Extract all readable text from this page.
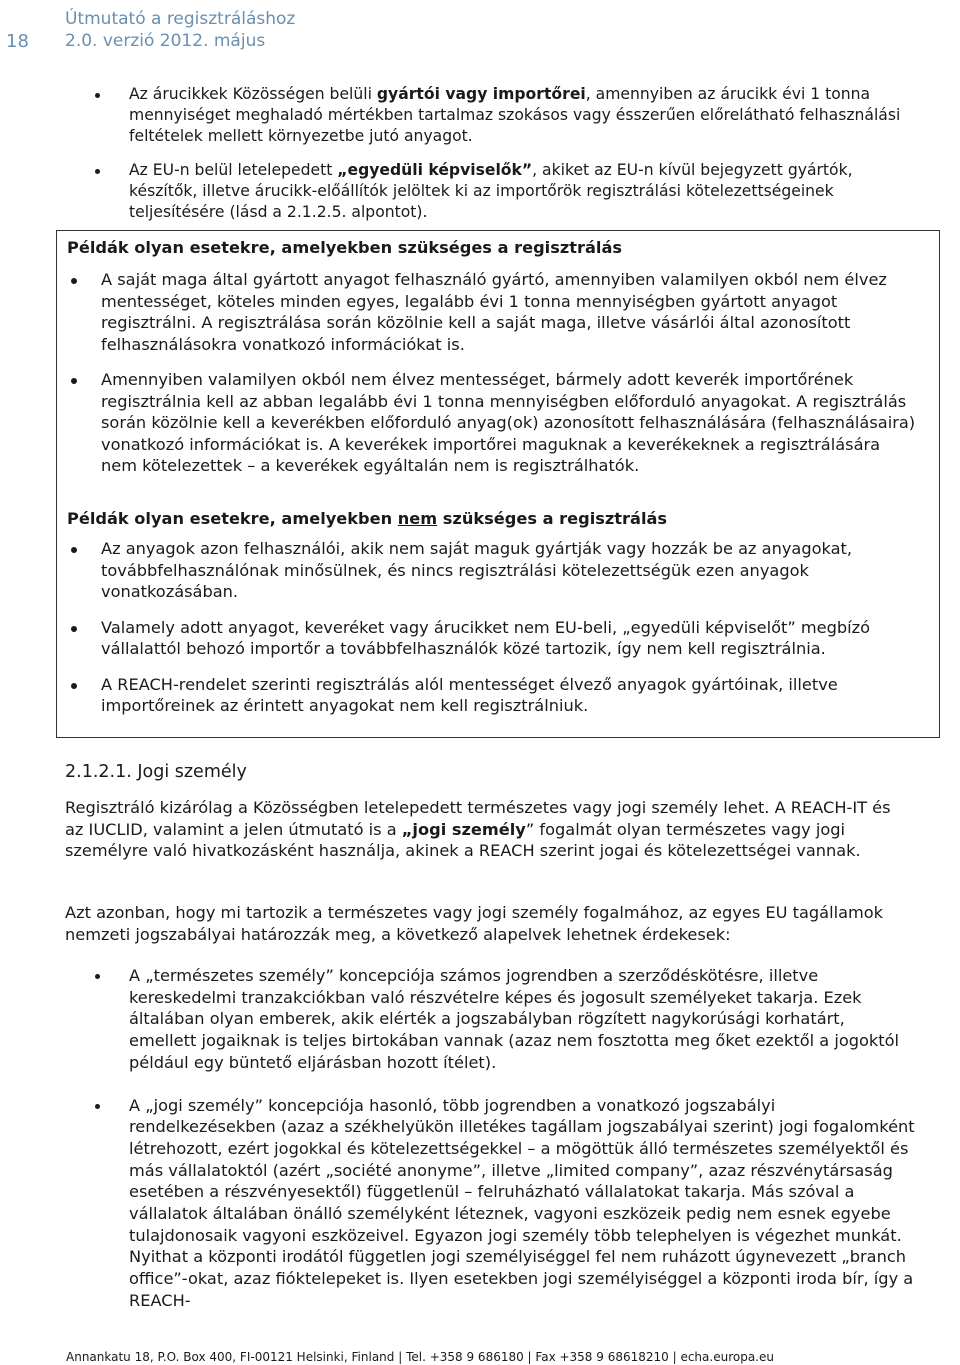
18
Útmutató a regisztráláshoz
2.0. verzió 2012. május
Az árucikkek Közösségen belüli gyártói vagy importőrei, amennyiben az árucikk évi 1 tonna mennyiséget meghaladó mértékben tartalmaz szokásos vagy ésszerűen előrelátható felhasználási feltételek mellett környezetbe jutó anyagot.
Az EU-n belül letelepedett „egyedüli képviselők”, akiket az EU-n kívül bejegyzett gyártók, készítők, illetve árucikk-előállítók jelöltek ki az importőrök regisztrálási kötelezettségeinek teljesítésére (lásd a 2.1.2.5. alpontot).
Példák olyan esetekre, amelyekben szükséges a regisztrálás
A saját maga által gyártott anyagot felhasználó gyártó, amennyiben valamilyen okból nem élvez mentességet, köteles minden egyes, legalább évi 1 tonna mennyiségben gyártott anyagot regisztrálni. A regisztrálása során közölnie kell a saját maga, illetve vásárlói által azonosított felhasználásokra vonatkozó információkat is.
Amennyiben valamilyen okból nem élvez mentességet, bármely adott keverék importőrének regisztrálnia kell az abban legalább évi 1 tonna mennyiségben előforduló anyagokat. A regisztrálás során közölnie kell a keverékben előforduló anyag(ok) azonosított felhasználására (felhasználásaira) vonatkozó információkat is. A keverékek importőrei maguknak a keverékeknek a regisztrálására nem kötelezettek – a keverékek egyáltalán nem is regisztrálhatók.
Példák olyan esetekre, amelyekben nem szükséges a regisztrálás
Az anyagok azon felhasználói, akik nem saját maguk gyártják vagy hozzák be az anyagokat, továbbfelhasználónak minősülnek, és nincs regisztrálási kötelezettségük ezen anyagok vonatkozásában.
Valamely adott anyagot, keveréket vagy árucikket nem EU-beli, „egyedüli képviselőt” megbízó vállalattól behozó importőr a továbbfelhasználók közé tartozik, így nem kell regisztrálnia.
A REACH-rendelet szerinti regisztrálás alól mentességet élvező anyagok gyártóinak, illetve importőreinek az érintett anyagokat nem kell regisztrálniuk.
2.1.2.1. Jogi személy

Regisztráló kizárólag a Közösségben letelepedett természetes vagy jogi személy lehet. A REACH-IT és az IUCLID, valamint a jelen útmutató is a „jogi személy” fogalmát olyan természetes vagy jogi személyre való hivatkozásként használja, akinek a REACH szerint jogai és kötelezettségei vannak.

Azt azonban, hogy mi tartozik a természetes vagy jogi személy fogalmához, az egyes EU tagállamok nemzeti jogszabályai határozzák meg, a következő alapelvek lehetnek érdekesek:

A „természetes személy” koncepciója számos jogrendben a szerződéskötésre, illetve kereskedelmi tranzakciókban való részvételre képes és jogosult személyeket takarja. Ezek általában olyan emberek, akik elérték a jogszabályban rögzített nagykorúsági korhatárt, emellett jogaiknak is teljes birtokában vannak (azaz nem fosztotta meg őket ezektől a jogoktól például egy büntető eljárásban hozott ítélet).
A „jogi személy” koncepciója hasonló, több jogrendben a vonatkozó jogszabályi rendelkezésekben (azaz a székhelyükön illetékes tagállam jogszabályai szerint) jogi fogalomként létrehozott, ezért jogokkal és kötelezettségekkel – a mögöttük álló természetes személyektől és más vállalatoktól (azért „société anonyme”, illetve „limited company”, azaz részvénytársaság esetében a részvényesektől) függetlenül – felruházható vállalatokat takarja. Más szóval a vállalatok általában önálló személyként léteznek, vagyoni eszközeik pedig nem esnek egyebe tulajdonosaik vagyoni eszközeivel. Egyazon jogi személy több telephelyen is végezhet munkát. Nyithat a központi irodától független jogi személyiséggel fel nem ruházott úgynevezett „branch office”-okat, azaz fióktelepeket is. Ilyen esetekben jogi személyiséggel a központi iroda bír, így a REACH-
Annankatu 18, P.O. Box 400, FI-00121 Helsinki, Finland | Tel. +358 9 686180 | Fax +358 9 68618210 | echa.europa.eu
